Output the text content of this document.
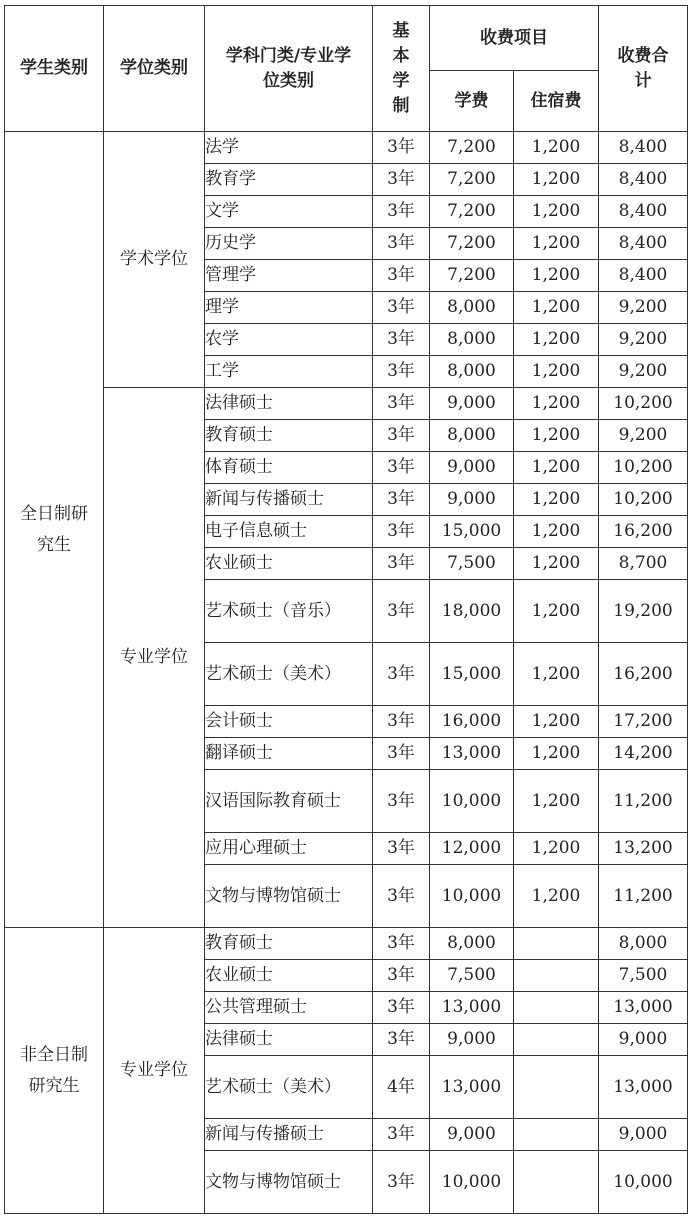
学生类别	学位类别	学科门类/专业学位类别	基本学制	收费项目		收费合计
				学费	住宿费	
全日制研究生	学术学位	法学	3年	7,200	1,200	8,400
		教育学	3年	7,200	1,200	8,400
		文学	3年	7,200	1,200	8,400
		历史学	3年	7,200	1,200	8,400
		管理学	3年	7,200	1,200	8,400
		理学	3年	8,000	1,200	9,200
		农学	3年	8,000	1,200	9,200
		工学	3年	8,000	1,200	9,200
	专业学位	法律硕士	3年	9,000	1,200	10,200
		教育硕士	3年	8,000	1,200	9,200
		体育硕士	3年	9,000	1,200	10,200
		新闻与传播硕士	3年	9,000	1,200	10,200
		电子信息硕士	3年	15,000	1,200	16,200
		农业硕士	3年	7,500	1,200	8,700
		艺术硕士（音乐）	3年	18,000	1,200	19,200
		艺术硕士（美术）	3年	15,000	1,200	16,200
		会计硕士	3年	16,000	1,200	17,200
		翻译硕士	3年	13,000	1,200	14,200
		汉语国际教育硕士	3年	10,000	1,200	11,200
		应用心理硕士	3年	12,000	1,200	13,200
		文物与博物馆硕士	3年	10,000	1,200	11,200
非全日制研究生	专业学位	教育硕士	3年	8,000		8,000
		农业硕士	3年	7,500		7,500
		公共管理硕士	3年	13,000		13,000
		法律硕士	3年	9,000		9,000
		艺术硕士（美术）	4年	13,000		13,000
		新闻与传播硕士	3年	9,000		9,000
		文物与博物馆硕士	3年	10,000		10,000
